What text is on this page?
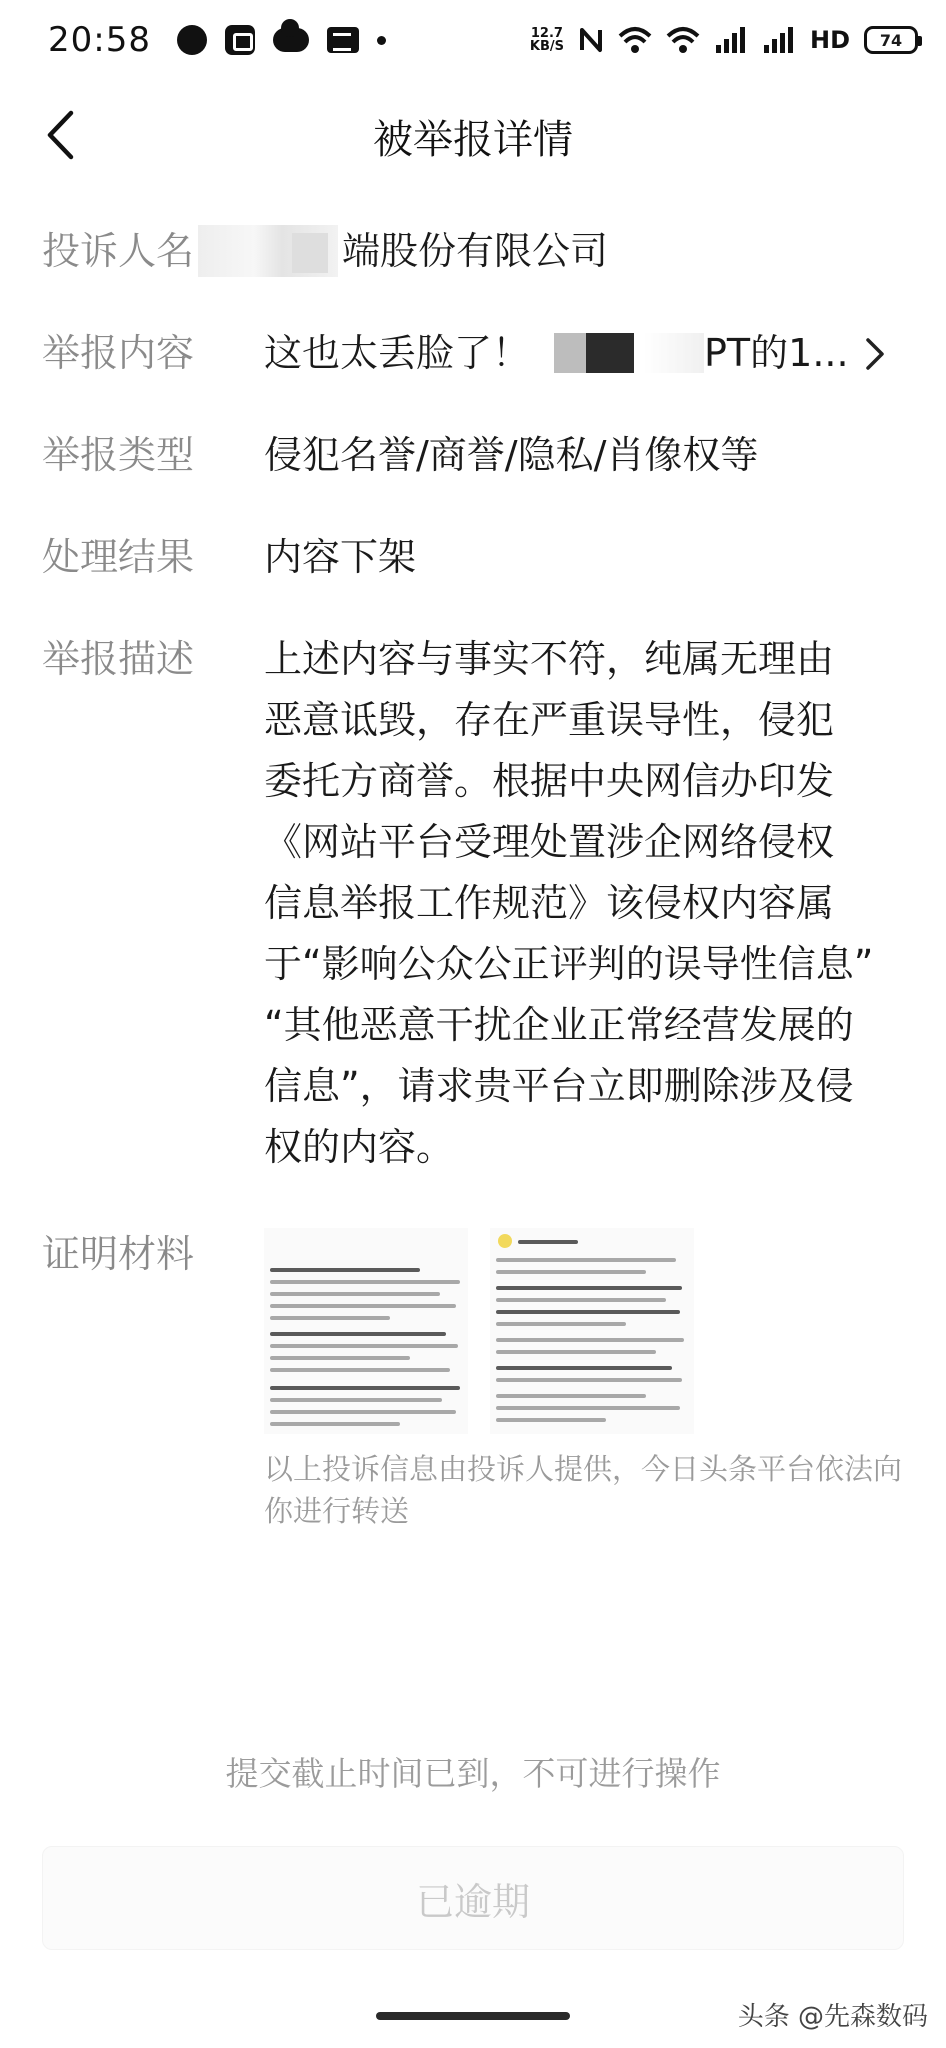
20:58	12.7
KB/S	HD	74
被举报详情
投诉人名	端股份有限公司
举报内容	这也太丢脸了！	PT的1...
举报类型	侵犯名誉/商誉/隐私/肖像权等
处理结果	内容下架
举报描述	上述内容与事实不符，纯属无理由
恶意诋毁，存在严重误导性，侵犯
委托方商誉。根据中央网信办印发
《网站平台受理处置涉企网络侵权
信息举报工作规范》该侵权内容属
于“影响公众公正评判的误导性信息”
“其他恶意干扰企业正常经营发展的
信息”，请求贵平台立即删除涉及侵
权的内容。
证明材料
以上投诉信息由投诉人提供，今日头条平台依法向你进行转送
提交截止时间已到，不可进行操作
已逾期
头条 @先森数码
